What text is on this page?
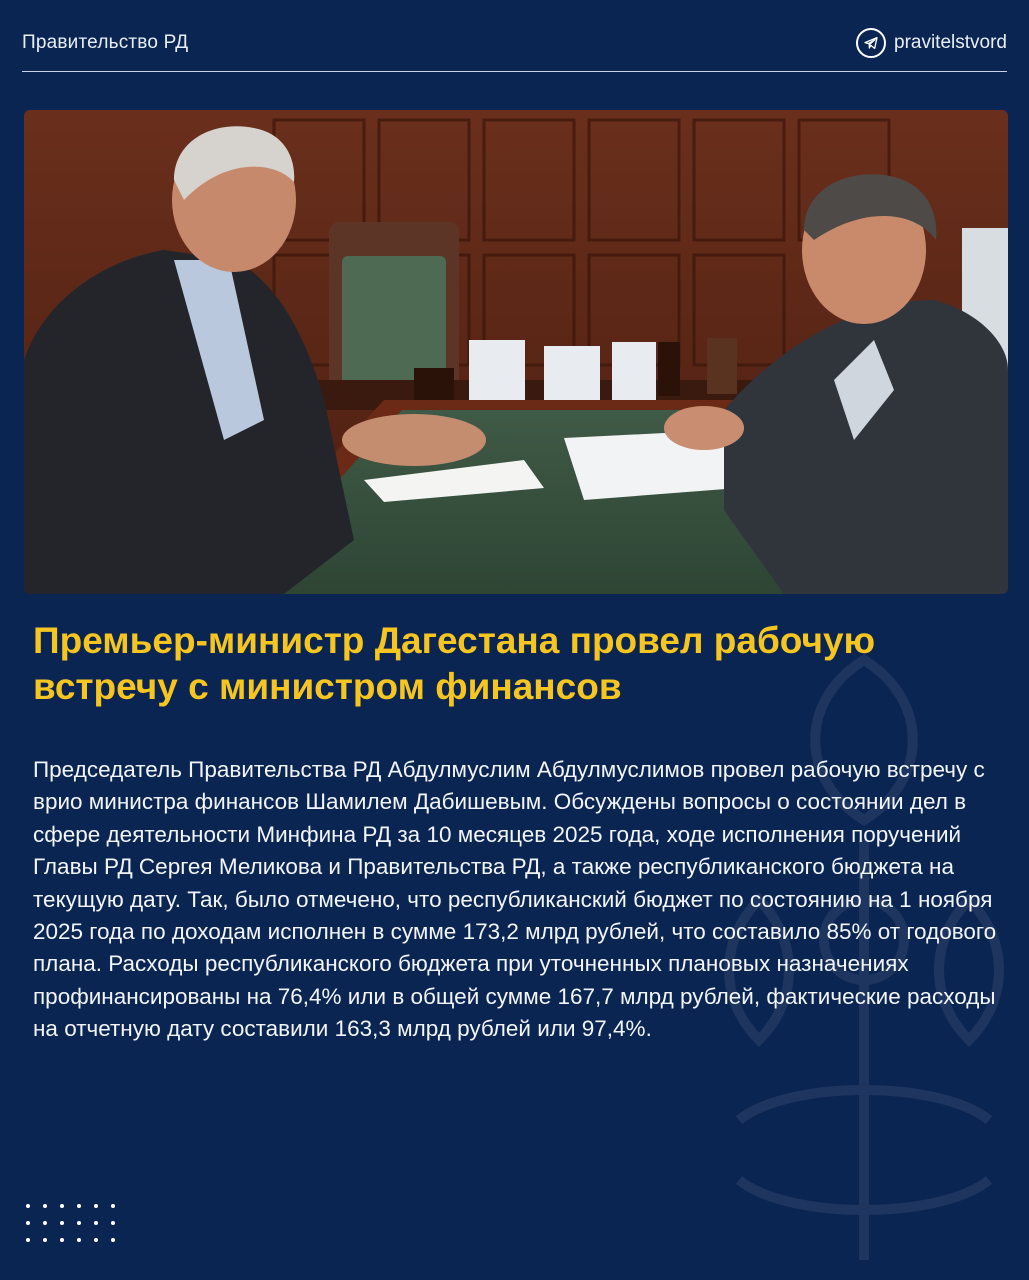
Правительство РД	pravitelstvord
Премьер-министр Дагестана провел рабочую встречу с министром финансов

Председатель Правительства РД Абдулмуслим Абдулмуслимов провел рабочую встречу с врио министра финансов Шамилем Дабишевым. Обсуждены вопросы о состоянии дел в сфере деятельности Минфина РД за 10 месяцев 2025 года, ходе исполнения поручений Главы РД Сергея Меликова и Правительства РД, а также республиканского бюджета на текущую дату. Так, было отмечено, что республиканский бюджет по состоянию на 1 ноября 2025 года по доходам исполнен в сумме 173,2 млрд рублей, что составило 85% от годового плана. Расходы республиканского бюджета при уточненных плановых назначениях профинансированы на 76,4% или в общей сумме 167,7 млрд рублей, фактические расходы на отчетную дату составили 163,3 млрд рублей или 97,4%.
